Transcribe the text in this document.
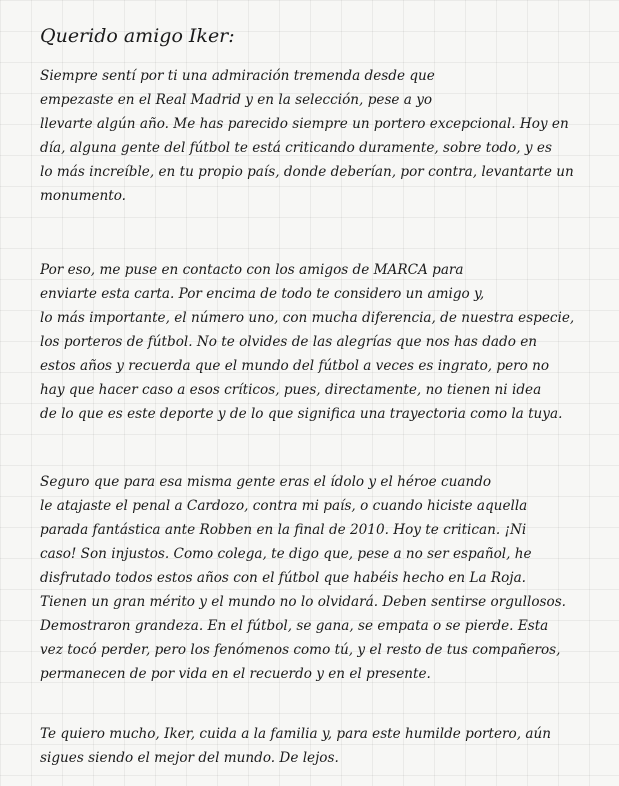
Querido amigo Iker:

Siempre sentí por ti una admiración tremenda desde que
empezaste en el Real Madrid y en la selección, pese a yo
llevarte algún año. Me has parecido siempre un portero excepcional. Hoy en
día, alguna gente del fútbol te está criticando duramente, sobre todo, y es
lo más increíble, en tu propio país, donde deberían, por contra, levantarte un
monumento.
Por eso, me puse en contacto con los amigos de MARCA para
enviarte esta carta. Por encima de todo te considero un amigo y,
lo más importante, el número uno, con mucha diferencia, de nuestra especie,
los porteros de fútbol. No te olvides de las alegrías que nos has dado en
estos años y recuerda que el mundo del fútbol a veces es ingrato, pero no
hay que hacer caso a esos críticos, pues, directamente, no tienen ni idea
de lo que es este deporte y de lo que significa una trayectoria como la tuya.
Seguro que para esa misma gente eras el ídolo y el héroe cuando
le atajaste el penal a Cardozo, contra mi país, o cuando hiciste aquella
parada fantástica ante Robben en la final de 2010. Hoy te critican. ¡Ni
caso! Son injustos. Como colega, te digo que, pese a no ser español, he
disfrutado todos estos años con el fútbol que habéis hecho en La Roja.
Tienen un gran mérito y el mundo no lo olvidará. Deben sentirse orgullosos.
Demostraron grandeza. En el fútbol, se gana, se empata o se pierde. Esta
vez tocó perder, pero los fenómenos como tú, y el resto de tus compañeros,
permanecen de por vida en el recuerdo y en el presente.
Te quiero mucho, Iker, cuida a la familia y, para este humilde portero, aún
sigues siendo el mejor del mundo. De lejos.
